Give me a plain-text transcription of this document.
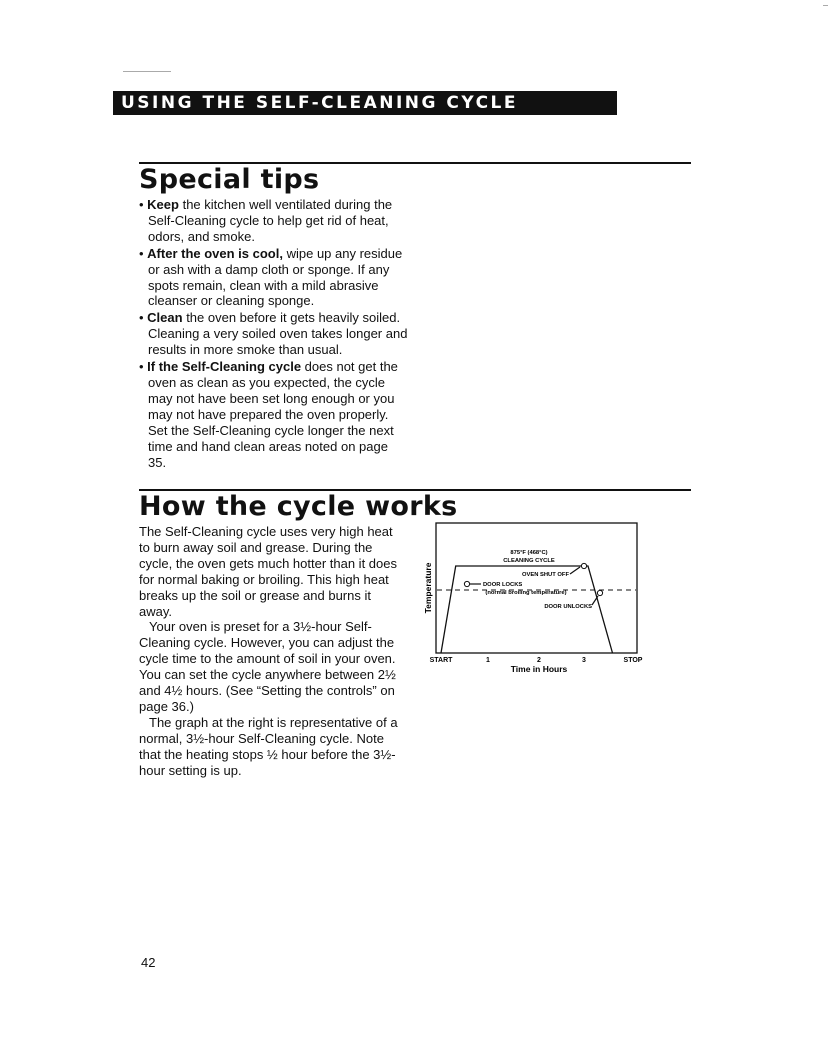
USING THE SELF-CLEANING CYCLE
Special tips
• Keep the kitchen well ventilated during the Self-Cleaning cycle to help get rid of heat, odors, and smoke.
• After the oven is cool, wipe up any residue or ash with a damp cloth or sponge. If any spots remain, clean with a mild abrasive cleanser or cleaning sponge.
• Clean the oven before it gets heavily soiled. Cleaning a very soiled oven takes longer and results in more smoke than usual.
• If the Self-Cleaning cycle does not get the oven as clean as you expected, the cycle may not have been set long enough or you may not have prepared the oven properly. Set the Self-Cleaning cycle longer the next time and hand clean areas noted on page 35.
How the cycle works

The Self-Cleaning cycle uses very high heat to burn away soil and grease. During the cycle, the oven gets much hotter than it does for normal baking or broiling. This high heat breaks up the soil or grease and burns it away.

Your oven is preset for a 3½-hour Self-Cleaning cycle. However, you can adjust the cycle time to the amount of soil in your oven. You can set the cycle anywhere between 2½ and 4½ hours. (See “Setting the controls” on page 36.)

The graph at the right is representative of a normal, 3½-hour Self-Cleaning cycle. Note that the heating stops ½ hour before the 3½-hour setting is up.

START	1	2	3	STOP
Temperature
Time in Hours
875°F (468°C)
CLEANING CYCLE
OVEN SHUT OFF
DOOR LOCKS
(normal broiling temperature)
DOOR UNLOCKS
42
